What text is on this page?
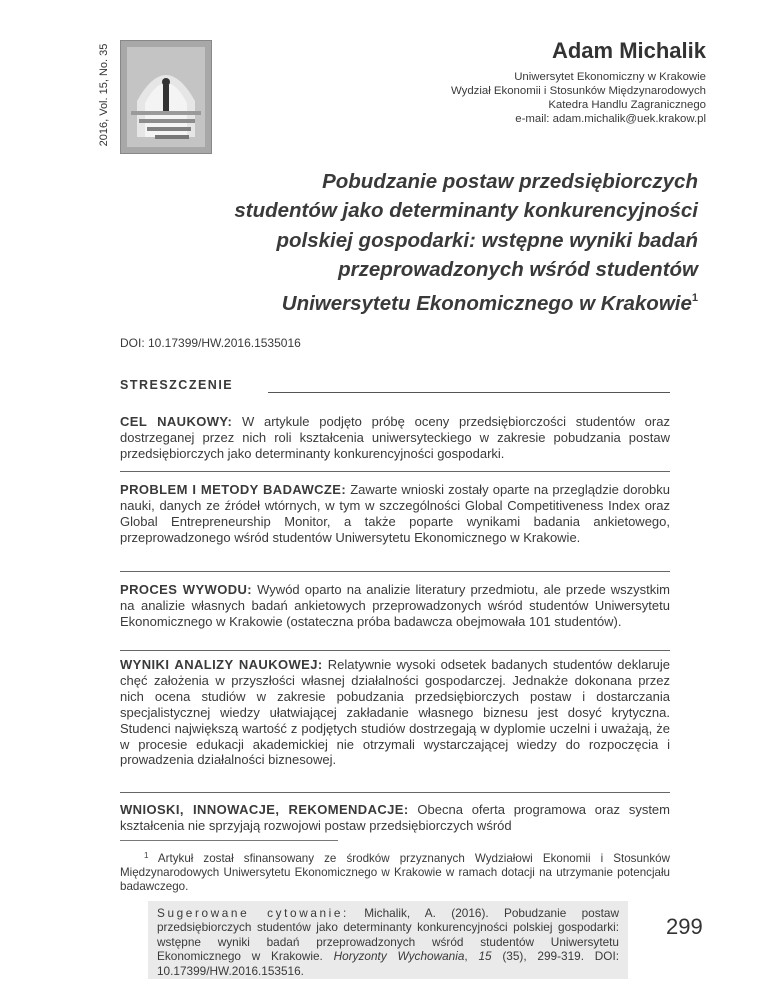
2016, Vol. 15, No. 35	Adam Michalik
Uniwersytet Ekonomiczny w Krakowie
Wydział Ekonomii i Stosunków Międzynarodowych
Katedra Handlu Zagranicznego
e-mail: adam.michalik@uek.krakow.pl
Pobudzanie postaw przedsiębiorczych
studentów jako determinanty konkurencyjności
polskiej gospodarki: wstępne wyniki badań
przeprowadzonych wśród studentów
Uniwersytetu Ekonomicznego w Krakowie$^1$
DOI: 10.17399/HW.2016.1535016
STRESZCZENIE
CEL NAUKOWY: W artykule podjęto próbę oceny przedsiębiorczości studentów oraz dostrzeganej przez nich roli kształcenia uniwersyteckiego w zakresie pobudzania postaw przedsiębiorczych jako determinanty konkurencyjności gospodarki.
PROBLEM I METODY BADAWCZE: Zawarte wnioski zostały oparte na przeglądzie dorobku nauki, danych ze źródeł wtórnych, w tym w szczególności Global Competitiveness Index oraz Global Entrepreneurship Monitor, a także poparte wynikami badania ankietowego, przeprowadzonego wśród studentów Uniwersytetu Ekonomicznego w Krakowie.
PROCES WYWODU: Wywód oparto na analizie literatury przedmiotu, ale przede wszystkim na analizie własnych badań ankietowych przeprowadzonych wśród studentów Uniwersytetu Ekonomicznego w Krakowie (ostateczna próba badawcza obejmowała 101 studentów).
WYNIKI ANALIZY NAUKOWEJ: Relatywnie wysoki odsetek badanych studentów deklaruje chęć założenia w przyszłości własnej działalności gospodarczej. Jednakże dokonana przez nich ocena studiów w zakresie pobudzania przedsiębiorczych postaw i dostarczania specjalistycznej wiedzy ułatwiającej zakładanie własnego biznesu jest dosyć krytyczna. Studenci największą wartość z podjętych studiów dostrzegają w dyplomie uczelni i uważają, że w procesie edukacji akademickiej nie otrzymali wystarczającej wiedzy do rozpoczęcia i prowadzenia działalności biznesowej.
WNIOSKI, INNOWACJE, REKOMENDACJE: Obecna oferta programowa oraz system kształcenia nie sprzyjają rozwojowi postaw przedsiębiorczych wśród
$^1$ Artykuł został sfinansowany ze środków przyznanych Wydziałowi Ekonomii i Stosunków Międzynarodowych Uniwersytetu Ekonomicznego w Krakowie w ramach dotacji na utrzymanie potencjału badawczego.
Sugerowane cytowanie: Michalik, A. (2016). Pobudzanie postaw przedsiębiorczych studentów jako determinanty konkurencyjności polskiej gospodarki: wstępne wyniki badań przeprowadzonych wśród studentów Uniwersytetu Ekonomicznego w Krakowie. Horyzonty Wychowania, 15 (35), 299-319. DOI: 10.17399/HW.2016.153516.
299
